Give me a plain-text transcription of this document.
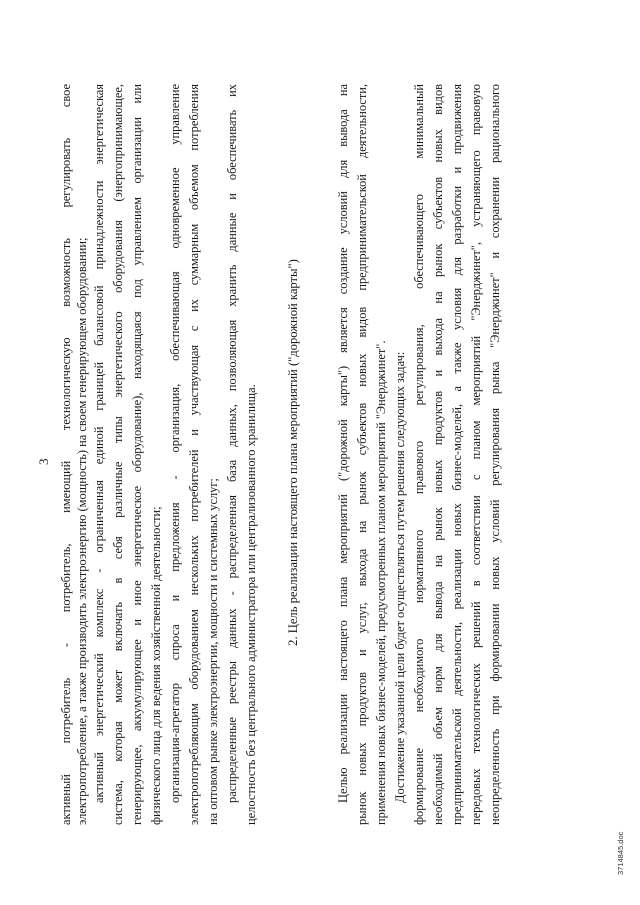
3 активный потребитель - потребитель, имеющий технологическую возможность регулировать свое электропотребление, а также производить электроэнергию (мощность) на своем генерирующем оборудовании; активный энергетический комплекс - ограниченная единой границей балансовой принадлежности энергетическая система, которая может включать в себя различные типы энергетического оборудования (энергопринимающее, генерирующее, аккумулирующее и иное энергетическое оборудование), находящаяся под управлением организации или физического лица для ведения хозяйственной деятельности; организация-агрегатор спроса и предложения - организация, обеспечивающая одновременное управление электропотребляющим оборудованием нескольких потребителей и участвующая с их суммарным объемом потребления на оптовом рынке электроэнергии, мощности и системных услуг; распределенные реестры данных - распределенная база данных, позволяющая хранить данные и обеспечивать их целостность без центрального администратора или централизованного хранилища. 2. Цель реализации настоящего плана мероприятий ("дорожной карты")	Целью реализации настоящего плана мероприятий ("дорожной карты") является создание условий для вывода на рынок новых продуктов и услуг, выхода на рынок субъектов новых видов предпринимательской деятельности, применения новых бизнес-моделей, предусмотренных планом мероприятий "Энерджинет". Достижение указанной цели будет осуществляться путем решения следующих задач: формирование необходимого нормативного правового регулирования, обеспечивающего минимальный необходимый объем норм для вывода на рынок новых продуктов и выхода на рынок субъектов новых видов предпринимательской деятельности, реализации новых бизнес-моделей, а также условия для разработки и продвижения передовых технологических решений в соответствии с планом мероприятий "Энерджинет", устраняющего правовую неопределенность при формировании новых условий регулирования рынка "Энерджинет" и сохранении рационального
3714845.doc
